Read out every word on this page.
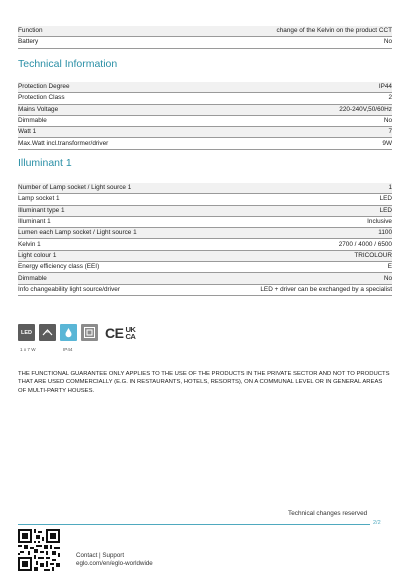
Function	change of the Kelvin on the product CCT
Battery	No
Technical Information
Protection Degree	IP44
Protection Class	2
Mains Voltage	220-240V,50/60Hz
Dimmable	No
Watt 1	7
Max.Watt incl.transformer/driver	9W
Illuminant 1
Number of Lamp socket / Light source 1	1
Lamp socket 1	LED
Illuminant type 1	LED
Illuminant 1	Inclusive
Lumen each Lamp socket / Light source 1	1100
Kelvin 1	2700 / 4000 / 6500
Light colour 1	TRICOLOUR
Energy efficiency class (EEI)	E
Dimmable	No
Info changeability light source/driver	LED + driver can be exchanged by a specialist
LED	CE UK
CA
1 x 7 W	IP44

THE FUNCTIONAL GUARANTEE ONLY APPLIES TO THE USE OF THE PRODUCTS IN THE PRIVATE SECTOR AND NOT TO PRODUCTS THAT ARE USED COMMERCIALLY (E.G. IN RESTAURANTS, HOTELS, RESORTS), ON A COMMUNAL LEVEL OR IN GENERAL AREAS OF MULTI-PARTY HOUSES.

Technical changes reserved
2/2
Contact | Support
eglo.com/en/eglo-worldwide
